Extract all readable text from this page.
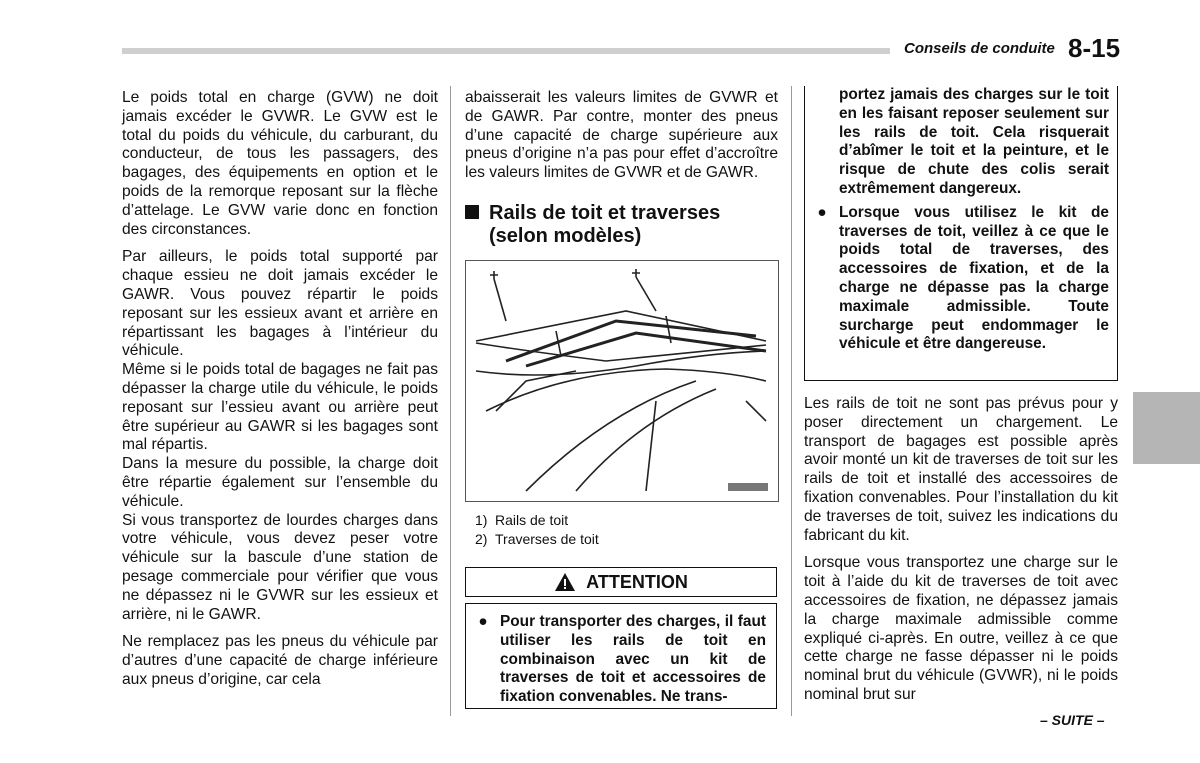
Conseils de conduite 8-15

Le poids total en charge (GVW) ne doit jamais excéder le GVWR. Le GVW est le total du poids du véhicule, du carburant, du conducteur, de tous les passagers, des bagages, des équipements en option et le poids de la remorque reposant sur la flèche d’attelage. Le GVW varie donc en fonction des circonstances.

Par ailleurs, le poids total supporté par chaque essieu ne doit jamais excéder le GAWR. Vous pouvez répartir le poids reposant sur les essieux avant et arrière en répartissant les bagages à l’intérieur du véhicule.

Même si le poids total de bagages ne fait pas dépasser la charge utile du véhicule, le poids reposant sur l’essieu avant ou arrière peut être supérieur au GAWR si les bagages sont mal répartis.

Dans la mesure du possible, la charge doit être répartie également sur l’ensemble du véhicule.

Si vous transportez de lourdes charges dans votre véhicule, vous devez peser votre véhicule sur la bascule d’une station de pesage commerciale pour vérifier que vous ne dépassez ni le GVWR sur les essieux et arrière, ni le GAWR.

Ne remplacez pas les pneus du véhicule par d’autres d’une capacité de charge inférieure aux pneus d’origine, car cela

abaisserait les valeurs limites de GVWR et de GAWR. Par contre, monter des pneus d’une capacité de charge supérieure aux pneus d’origine n’a pas pour effet d’accroître les valeurs limites de GVWR et de GAWR.

Rails de toit et traverses (selon modèles)
1) Rails de toit
2) Traverses de toit
ATTENTION
● Pour transporter des charges, il faut utiliser les rails de toit en combinaison avec un kit de traverses de toit et accessoires de fixation convenables. Ne trans-
portez jamais des charges sur le toit en les faisant reposer seulement sur les rails de toit. Cela risquerait d’abîmer le toit et la peinture, et le risque de chute des colis serait extrêmement dangereux.
● Lorsque vous utilisez le kit de traverses de toit, veillez à ce que le poids total de traverses, des accessoires de fixation, et de la charge ne dépasse pas la charge maximale admissible. Toute surcharge peut endommager le véhicule et être dangereuse.

Les rails de toit ne sont pas prévus pour y poser directement un chargement. Le transport de bagages est possible après avoir monté un kit de traverses de toit sur les rails de toit et installé des accessoires de fixation convenables. Pour l’installation du kit de traverses de toit, suivez les indications du fabricant du kit.

Lorsque vous transportez une charge sur le toit à l’aide du kit de traverses de toit avec accessoires de fixation, ne dépassez jamais la charge maximale admissible comme expliqué ci-après. En outre, veillez à ce que cette charge ne fasse dépasser ni le poids nominal brut du véhicule (GVWR), ni le poids nominal brut sur

– SUITE –
